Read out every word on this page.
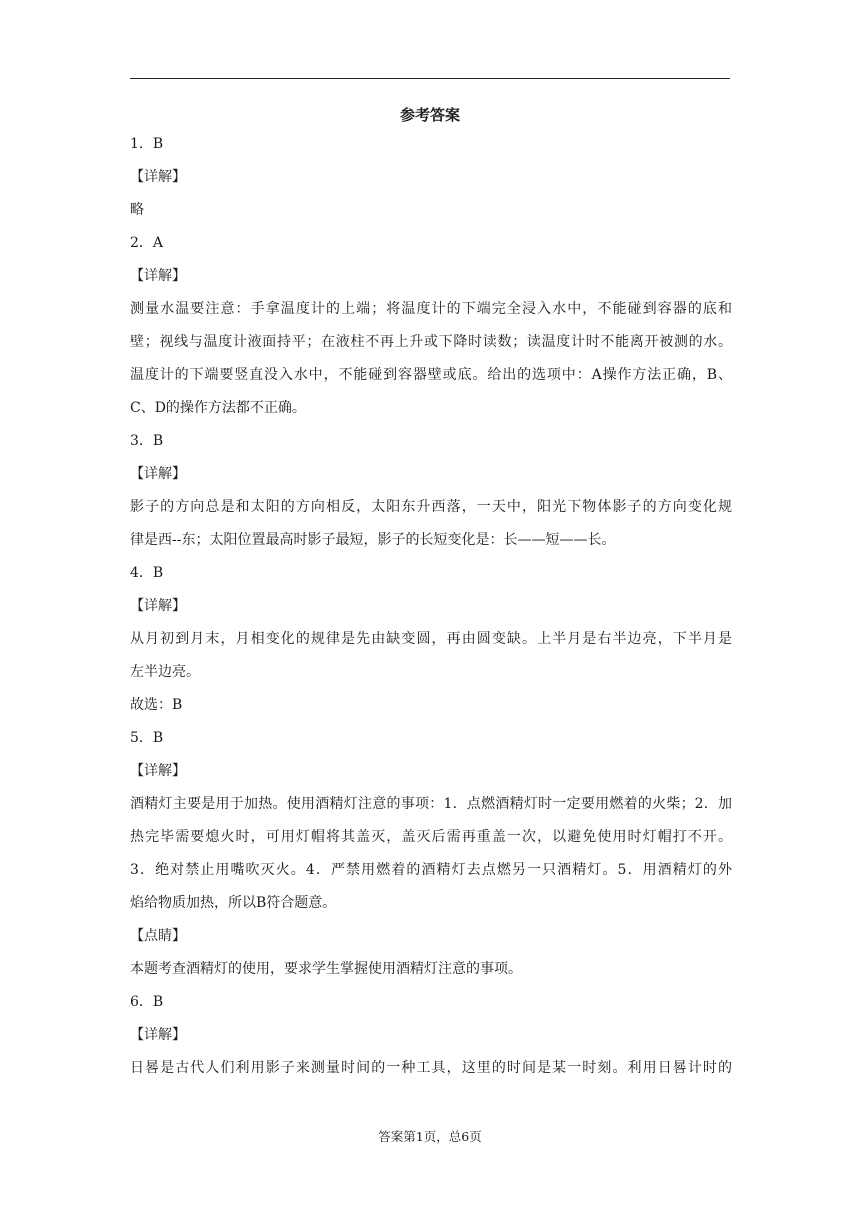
参考答案
1．B
【详解】
略
2．A
【详解】
测量水温要注意：手拿温度计的上端；将温度计的下端完全浸入水中，不能碰到容器的底和
壁；视线与温度计液面持平；在液柱不再上升或下降时读数；读温度计时不能离开被测的水。
温度计的下端要竖直没入水中，不能碰到容器壁或底。给出的选项中：A操作方法正确，B、
C、D的操作方法都不正确。
3．B
【详解】
影子的方向总是和太阳的方向相反，太阳东升西落，一天中，阳光下物体影子的方向变化规
律是西--东；太阳位置最高时影子最短，影子的长短变化是：长——短——长。
4．B
【详解】
从月初到月末，月相变化的规律是先由缺变圆，再由圆变缺。上半月是右半边亮，下半月是
左半边亮。
故选：B
5．B
【详解】
酒精灯主要是用于加热。使用酒精灯注意的事项：1．点燃酒精灯时一定要用燃着的火柴；2．加
热完毕需要熄火时，可用灯帽将其盖灭，盖灭后需再重盖一次，以避免使用时灯帽打不开。
3．绝对禁止用嘴吹灭火。4．严禁用燃着的酒精灯去点燃另一只酒精灯。5．用酒精灯的外
焰给物质加热，所以B符合题意。
【点睛】
本题考查酒精灯的使用，要求学生掌握使用酒精灯注意的事项。
6．B
【详解】
日晷是古代人们利用影子来测量时间的一种工具，这里的时间是某一时刻。利用日晷计时的
答案第1页，总6页
